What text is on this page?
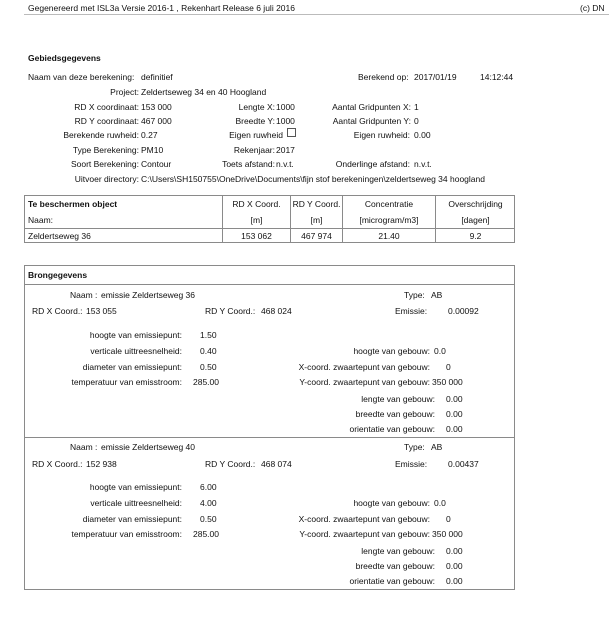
Gegenereerd met ISL3a Versie 2016-1 , Rekenhart Release 6 juli 2016	(c) DN
Gebiedsgegevens
Naam van deze berekening: definitief	Berekend op: 2017/01/19	14:12:44
Project: Zeldertseweg 34 en 40 Hoogland
RD X coordinaat: 153 000	Lengte X: 1000	Aantal Gridpunten X: 1
RD Y coordinaat: 467 000	Breedte Y: 1000	Aantal Gridpunten Y: 0
Berekende ruwheid: 0.27	Eigen ruwheid	Eigen ruwheid: 0.00
Type Berekening: PM10	Rekenjaar: 2017
Soort Berekening: Contour	Toets afstand: n.v.t.	Onderlinge afstand: n.v.t.
Uitvoer directory: C:\Users\SH150755\OneDrive\Documents\fijn stof berekeningen\zeldertseweg 34 hoogland
Te beschermen object	RD X Coord.	RD Y Coord.	Concentratie	Overschrijding
Naam:	[m]	[m]	[microgram/m3]	[dagen]
Zeldertseweg 36	153 062	467 974	21.40	9.2
Brongegevens
Naam : emissie Zeldertseweg 36	Type: AB
RD X Coord.: 153 055	RD Y Coord.: 468 024	Emissie: 0.00092
hoogte van emissiepunt: 1.50
verticale uittreesnelheid: 0.40	hoogte van gebouw: 0.0
diameter van emissiepunt: 0.50	X-coord. zwaartepunt van gebouw: 0
temperatuur van emisstroom: 285.00	Y-coord. zwaartepunt van gebouw: 350 000
lengte van gebouw: 0.00
breedte van gebouw: 0.00
orientatie van gebouw: 0.00
Naam : emissie Zeldertseweg 40	Type: AB
RD X Coord.: 152 938	RD Y Coord.: 468 074	Emissie: 0.00437
hoogte van emissiepunt: 6.00
verticale uittreesnelheid: 4.00	hoogte van gebouw: 0.0
diameter van emissiepunt: 0.50	X-coord. zwaartepunt van gebouw: 0
temperatuur van emisstroom: 285.00	Y-coord. zwaartepunt van gebouw: 350 000
lengte van gebouw: 0.00
breedte van gebouw: 0.00
orientatie van gebouw: 0.00
